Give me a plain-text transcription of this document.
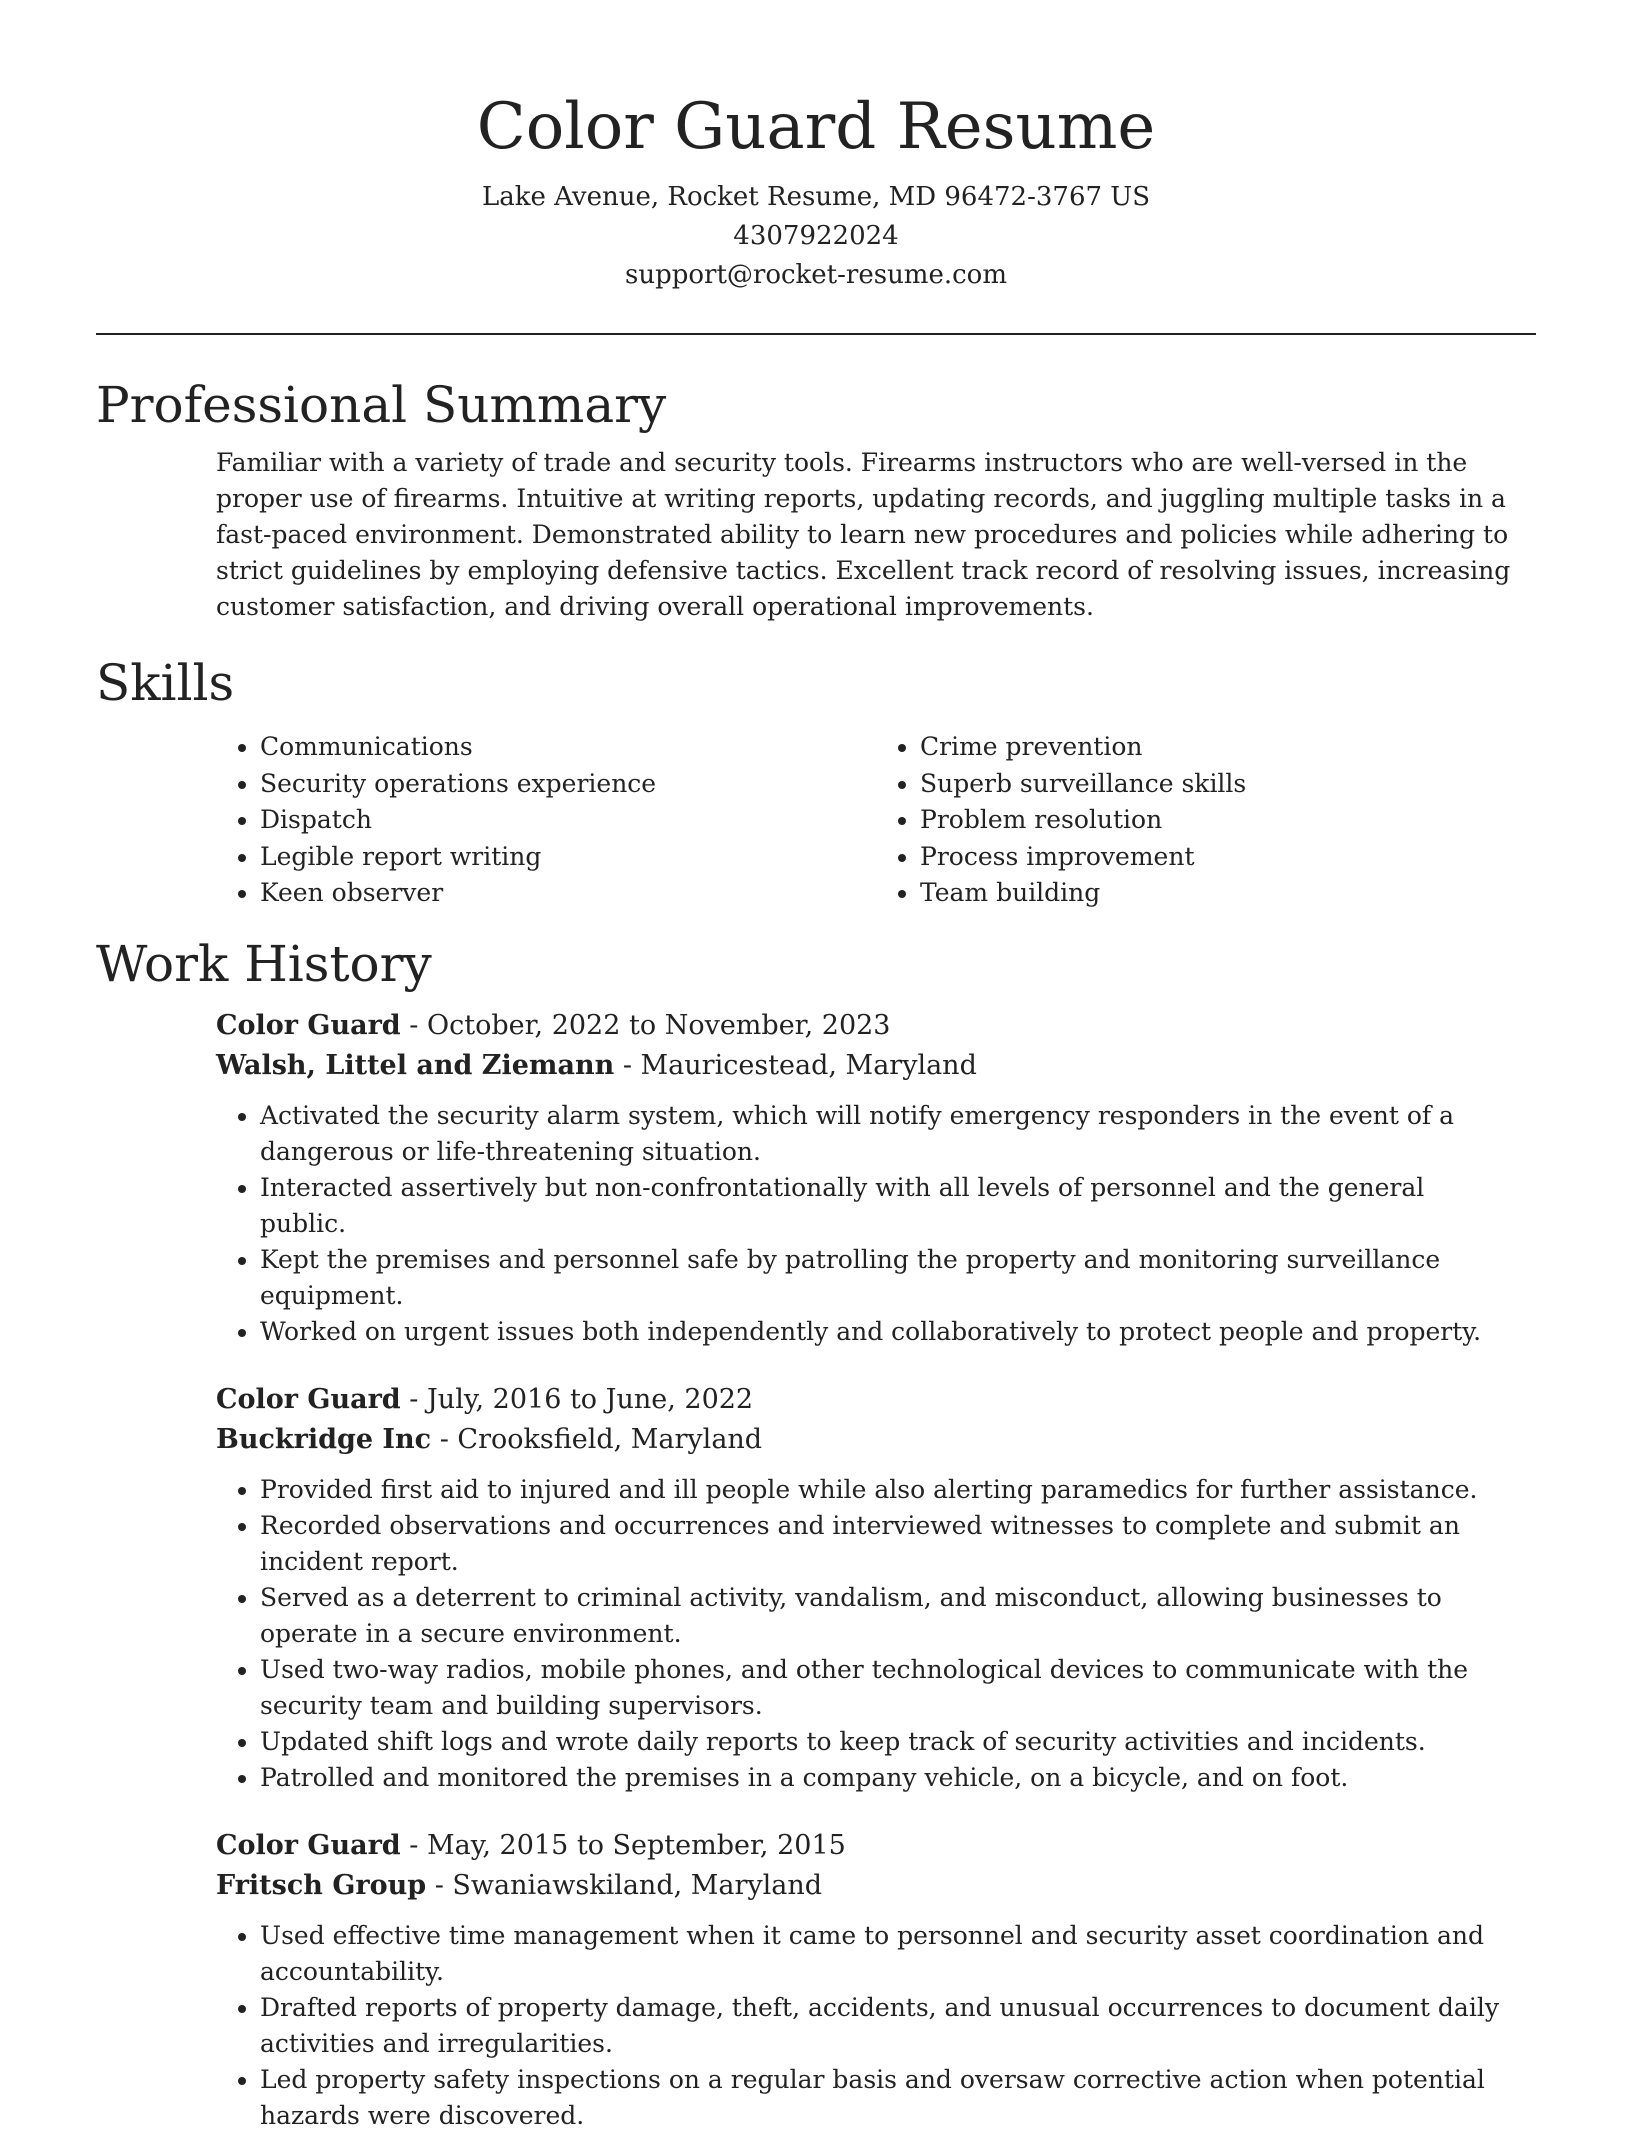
Color Guard Resume
Lake Avenue, Rocket Resume, MD 96472-3767 US
4307922024
support@rocket-resume.com
Professional Summary

Familiar with a variety of trade and security tools. Firearms instructors who are well-versed in the proper use of firearms. Intuitive at writing reports, updating records, and juggling multiple tasks in a fast-paced environment. Demonstrated ability to learn new procedures and policies while adhering to strict guidelines by employing defensive tactics. Excellent track record of resolving issues, increasing customer satisfaction, and driving overall operational improvements.

Skills
• Communications
• Security operations experience
• Dispatch
• Legible report writing
• Keen observer
• Crime prevention
• Superb surveillance skills
• Problem resolution
• Process improvement
• Team building
Work History
Color Guard - October, 2022 to November, 2023
Walsh, Littel and Ziemann - Mauricestead, Maryland
• Activated the security alarm system, which will notify emergency responders in the event of a dangerous or life-threatening situation.
• Interacted assertively but non-confrontationally with all levels of personnel and the general public.
• Kept the premises and personnel safe by patrolling the property and monitoring surveillance equipment.
• Worked on urgent issues both independently and collaboratively to protect people and property.
Color Guard - July, 2016 to June, 2022
Buckridge Inc - Crooksfield, Maryland
• Provided first aid to injured and ill people while also alerting paramedics for further assistance.
• Recorded observations and occurrences and interviewed witnesses to complete and submit an incident report.
• Served as a deterrent to criminal activity, vandalism, and misconduct, allowing businesses to operate in a secure environment.
• Used two-way radios, mobile phones, and other technological devices to communicate with the security team and building supervisors.
• Updated shift logs and wrote daily reports to keep track of security activities and incidents.
• Patrolled and monitored the premises in a company vehicle, on a bicycle, and on foot.
Color Guard - May, 2015 to September, 2015
Fritsch Group - Swaniawskiland, Maryland
• Used effective time management when it came to personnel and security asset coordination and accountability.
• Drafted reports of property damage, theft, accidents, and unusual occurrences to document daily activities and irregularities.
• Led property safety inspections on a regular basis and oversaw corrective action when potential hazards were discovered.
